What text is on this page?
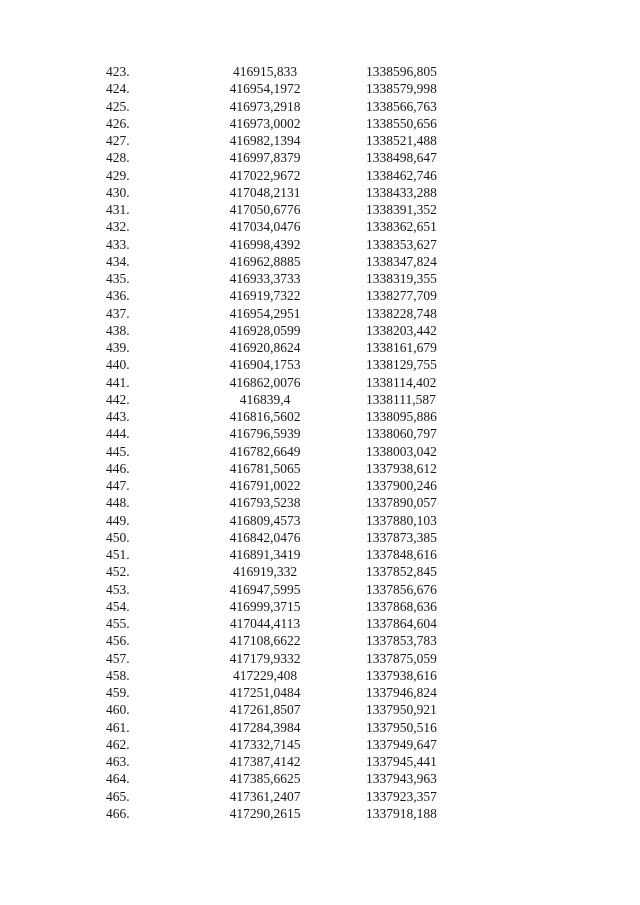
423.	416915,833	1338596,805
424.	416954,1972	1338579,998
425.	416973,2918	1338566,763
426.	416973,0002	1338550,656
427.	416982,1394	1338521,488
428.	416997,8379	1338498,647
429.	417022,9672	1338462,746
430.	417048,2131	1338433,288
431.	417050,6776	1338391,352
432.	417034,0476	1338362,651
433.	416998,4392	1338353,627
434.	416962,8885	1338347,824
435.	416933,3733	1338319,355
436.	416919,7322	1338277,709
437.	416954,2951	1338228,748
438.	416928,0599	1338203,442
439.	416920,8624	1338161,679
440.	416904,1753	1338129,755
441.	416862,0076	1338114,402
442.	416839,4	1338111,587
443.	416816,5602	1338095,886
444.	416796,5939	1338060,797
445.	416782,6649	1338003,042
446.	416781,5065	1337938,612
447.	416791,0022	1337900,246
448.	416793,5238	1337890,057
449.	416809,4573	1337880,103
450.	416842,0476	1337873,385
451.	416891,3419	1337848,616
452.	416919,332	1337852,845
453.	416947,5995	1337856,676
454.	416999,3715	1337868,636
455.	417044,4113	1337864,604
456.	417108,6622	1337853,783
457.	417179,9332	1337875,059
458.	417229,408	1337938,616
459.	417251,0484	1337946,824
460.	417261,8507	1337950,921
461.	417284,3984	1337950,516
462.	417332,7145	1337949,647
463.	417387,4142	1337945,441
464.	417385,6625	1337943,963
465.	417361,2407	1337923,357
466.	417290,2615	1337918,188
